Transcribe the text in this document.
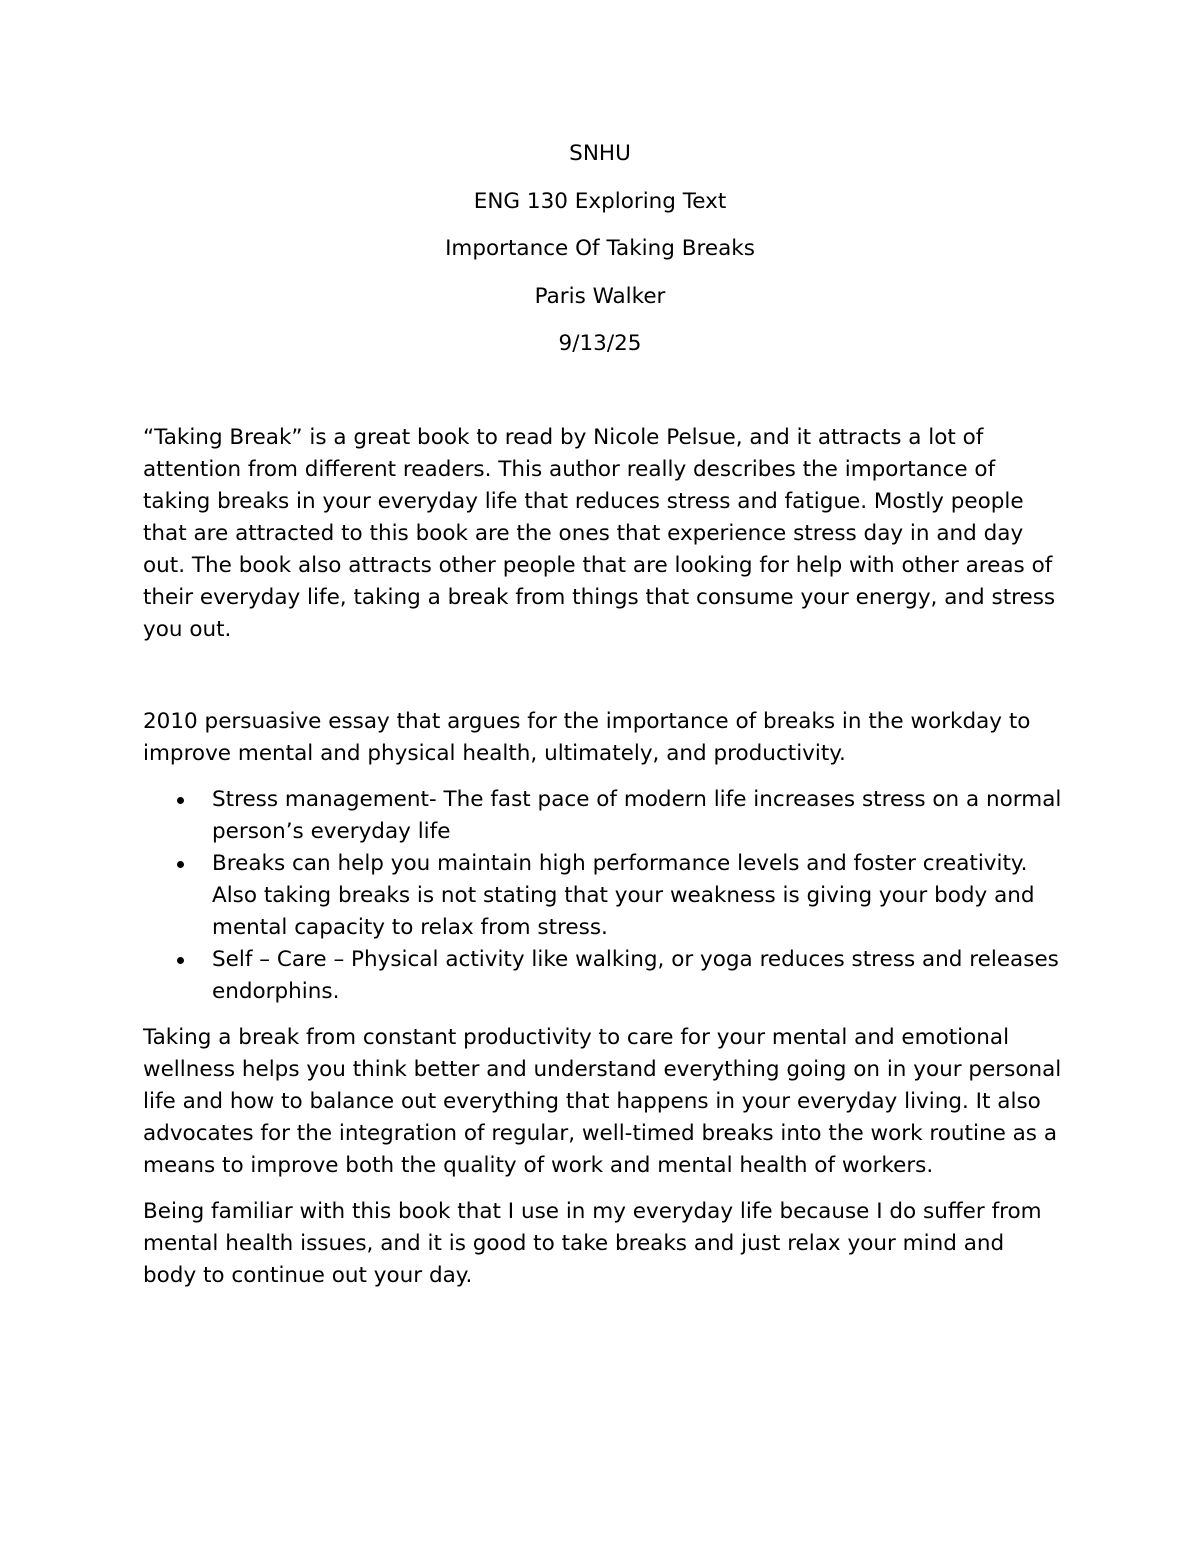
SNHU
ENG 130 Exploring Text
Importance Of Taking Breaks
Paris Walker
9/13/25

“Taking Break” is a great book to read by Nicole Pelsue, and it attracts a lot of attention from different readers. This author really describes the importance of taking breaks in your everyday life that reduces stress and fatigue. Mostly people that are attracted to this book are the ones that experience stress day in and day out. The book also attracts other people that are looking for help with other areas of their everyday life, taking a break from things that consume your energy, and stress you out.

2010 persuasive essay that argues for the importance of breaks in the workday to improve mental and physical health, ultimately, and productivity.

Stress management- The fast pace of modern life increases stress on a normal person’s everyday life
Breaks can help you maintain high performance levels and foster creativity. Also taking breaks is not stating that your weakness is giving your body and mental capacity to relax from stress.
Self – Care – Physical activity like walking, or yoga reduces stress and releases endorphins.

Taking a break from constant productivity to care for your mental and emotional wellness helps you think better and understand everything going on in your personal life and how to balance out everything that happens in your everyday living. It also advocates for the integration of regular, well-timed breaks into the work routine as a means to improve both the quality of work and mental health of workers.

Being familiar with this book that I use in my everyday life because I do suffer from mental health issues, and it is good to take breaks and just relax your mind and body to continue out your day.
